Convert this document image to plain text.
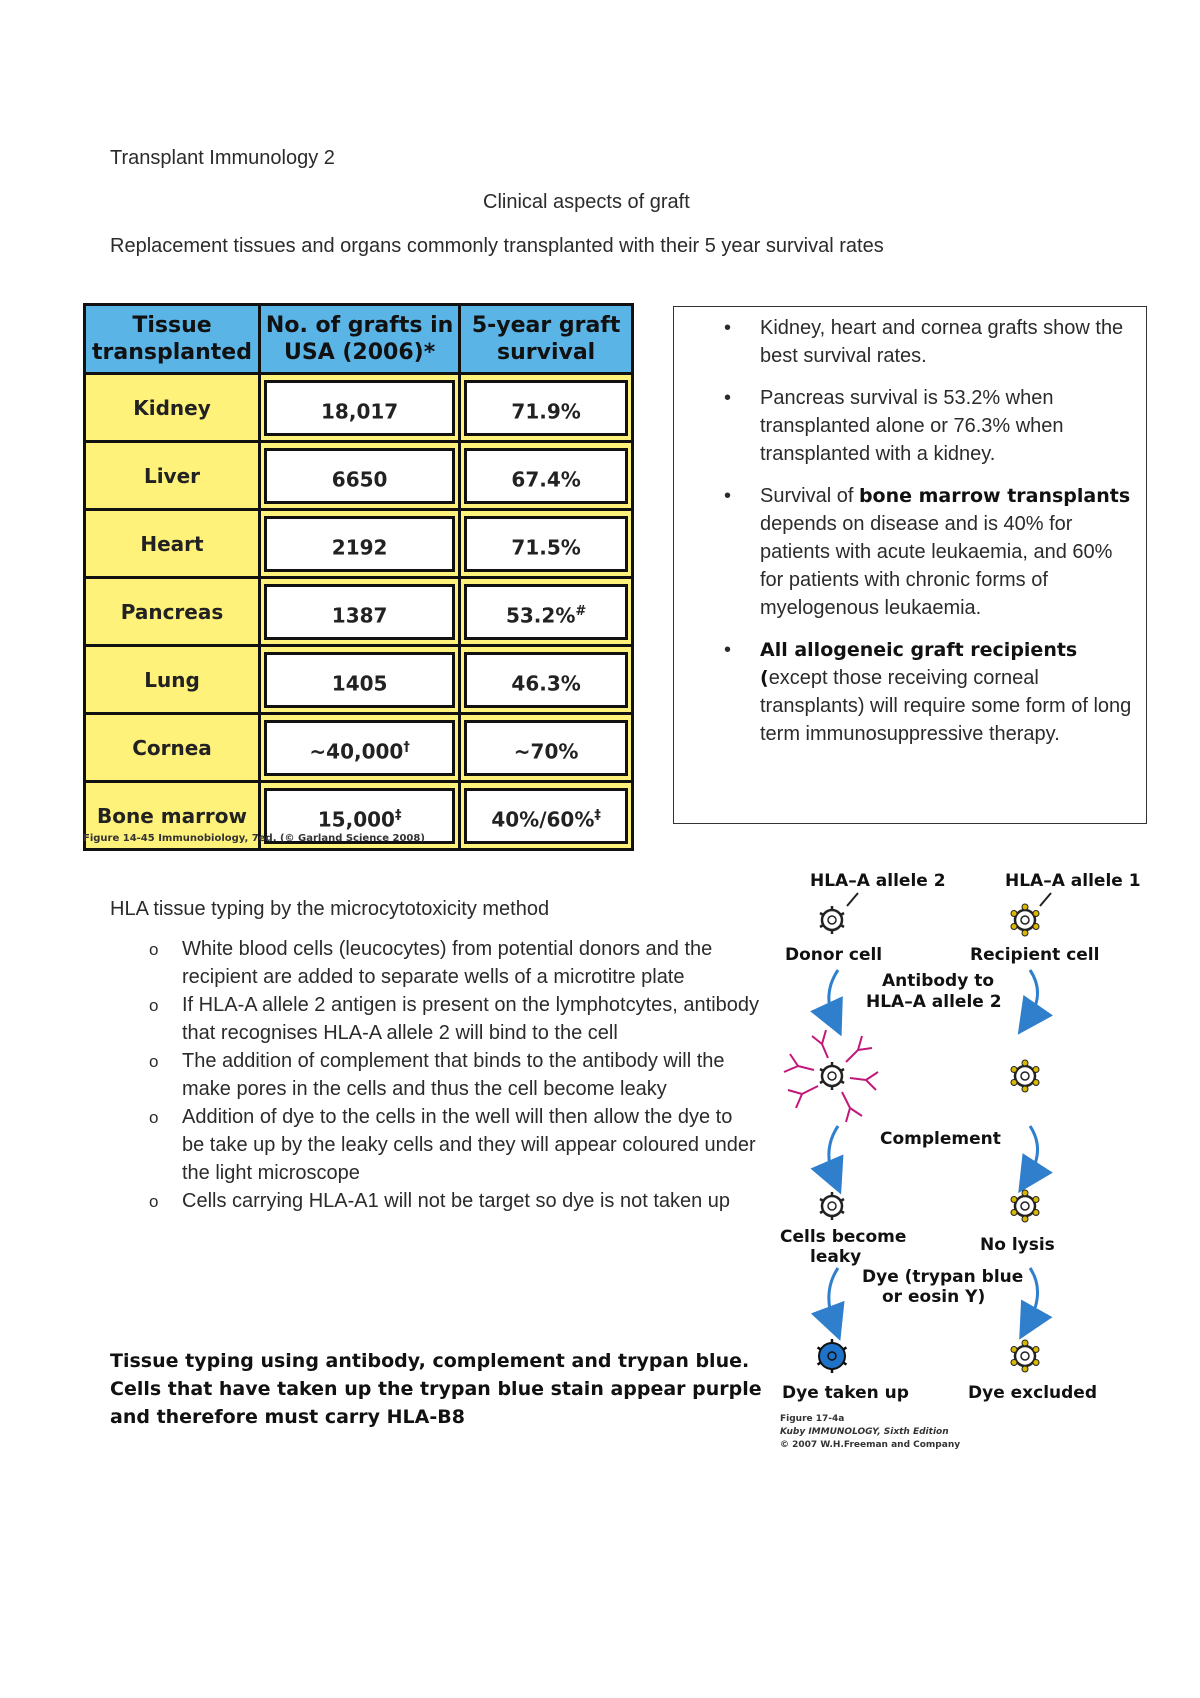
Transplant Immunology 2
Clinical aspects of graft
Replacement tissues and organs commonly transplanted with their 5 year survival rates
Tissue transplanted	No. of grafts in USA (2006)*	5-year graft survival
Kidney	18,017	71.9%

Liver	6650	67.4%

Heart	2192	71.5%

Pancreas	1387	53.2%#

Lung	1405	46.3%

Cornea	~40,000†	~70%

Bone marrow	15,000‡	40%/60%‡
Figure 14-45 Immunobiology, 7ed. (© Garland Science 2008)
• Kidney, heart and cornea grafts show the best survival rates.
• Pancreas survival is 53.2% when transplanted alone or 76.3% when transplanted with a kidney.
• Survival of bone marrow transplants depends on disease and is 40% for patients with acute leukaemia, and 60% for patients with chronic forms of myelogenous leukaemia.
• All allogeneic graft recipients (except those receiving corneal transplants) will require some form of long term immunosuppressive therapy.
HLA tissue typing by the microcytotoxicity method
o White blood cells (leucocytes) from potential donors and the recipient are added to separate wells of a microtitre plate
o If HLA-A allele 2 antigen is present on the lymphotcytes, antibody that recognises HLA-A allele 2 will bind to the cell
o The addition of complement that binds to the antibody will the make pores in the cells and thus the cell become leaky
o Addition of dye to the cells in the well will then allow the dye to be take up by the leaky cells and they will appear coloured under the light microscope
o Cells carrying HLA-A1 will not be target so dye is not taken up
Tissue typing using antibody, complement and trypan blue. Cells that have taken up the trypan blue stain appear purple and therefore must carry HLA-B8
HLA–A allele 2	HLA–A allele 1
Donor cell	Recipient cell
Antibody to
HLA–A allele 2
Complement
Cells become
leaky
No lysis
Dye (trypan blue
or eosin Y)
Dye taken up	Dye excluded
Figure 17-4a
Kuby IMMUNOLOGY, Sixth Edition
© 2007 W.H.Freeman and Company
